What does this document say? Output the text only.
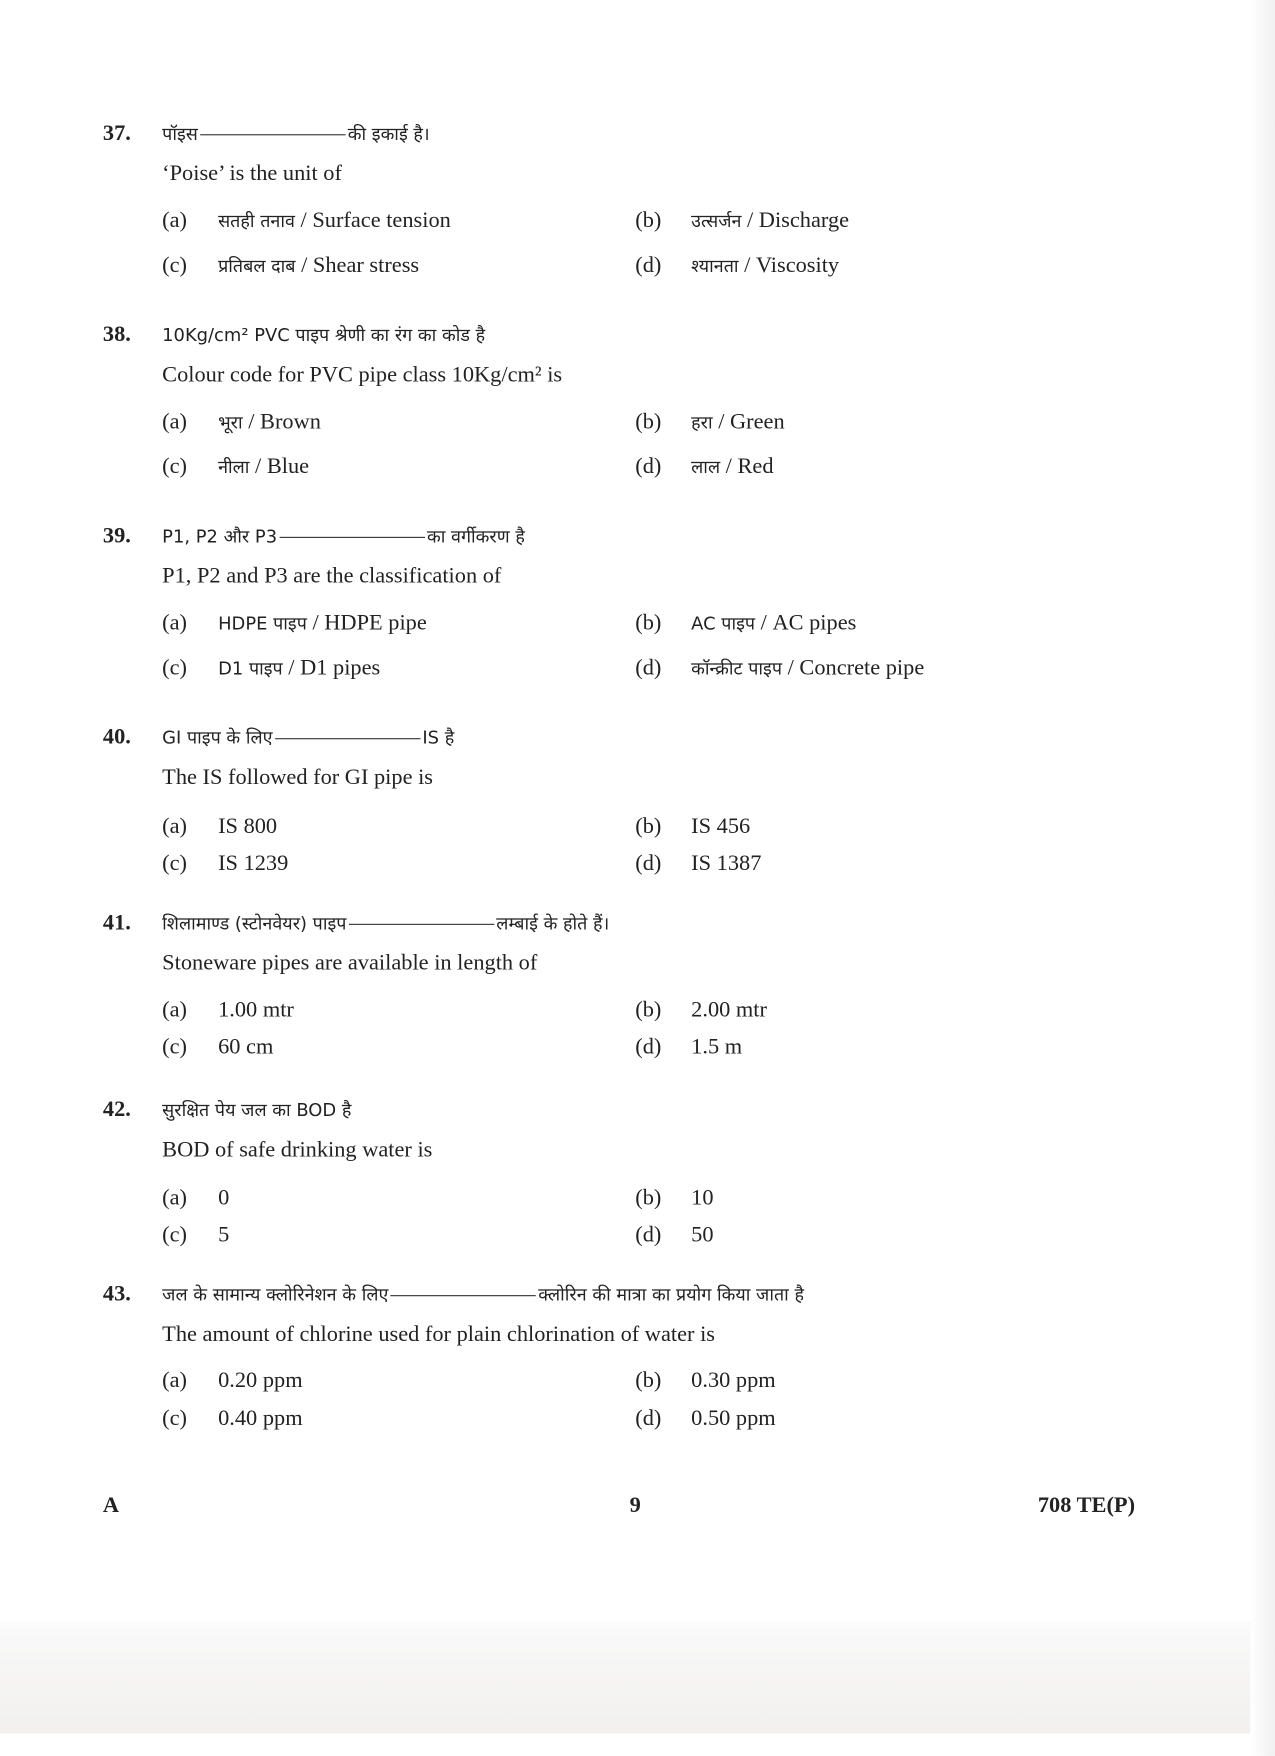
37. पॉइस	की इकाई है।
‘Poise’ is the unit of
(a) सतही तनाव / Surface tension	(b) उत्सर्जन / Discharge
(c) प्रतिबल दाब / Shear stress	(d) श्यानता / Viscosity
38. 10Kg/cm² PVC पाइप श्रेणी का रंग का कोड है
Colour code for PVC pipe class 10Kg/cm² is
(a) भूरा / Brown	(b) हरा / Green
(c) नीला / Blue	(d) लाल / Red
39. P1, P2 और P3	का वर्गीकरण है
P1, P2 and P3 are the classification of
(a) HDPE पाइप / HDPE pipe	(b) AC पाइप / AC pipes
(c) D1 पाइप / D1 pipes	(d) कॉन्क्रीट पाइप / Concrete pipe
40. GI पाइप के लिए	IS है
The IS followed for GI pipe is
(a) IS 800	(b) IS 456
(c) IS 1239	(d) IS 1387
41. शिलामाण्ड (स्टोनवेयर) पाइप	लम्बाई के होते हैं।
Stoneware pipes are available in length of
(a) 1.00 mtr	(b) 2.00 mtr
(c) 60 cm	(d) 1.5 m
42. सुरक्षित पेय जल का BOD है
BOD of safe drinking water is
(a) 0	(b) 10
(c) 5	(d) 50
43. जल के सामान्य क्लोरिनेशन के लिए	क्लोरिन की मात्रा का प्रयोग किया जाता है
The amount of chlorine used for plain chlorination of water is
(a) 0.20 ppm	(b) 0.30 ppm
(c) 0.40 ppm	(d) 0.50 ppm
A	9	708 TE(P)
